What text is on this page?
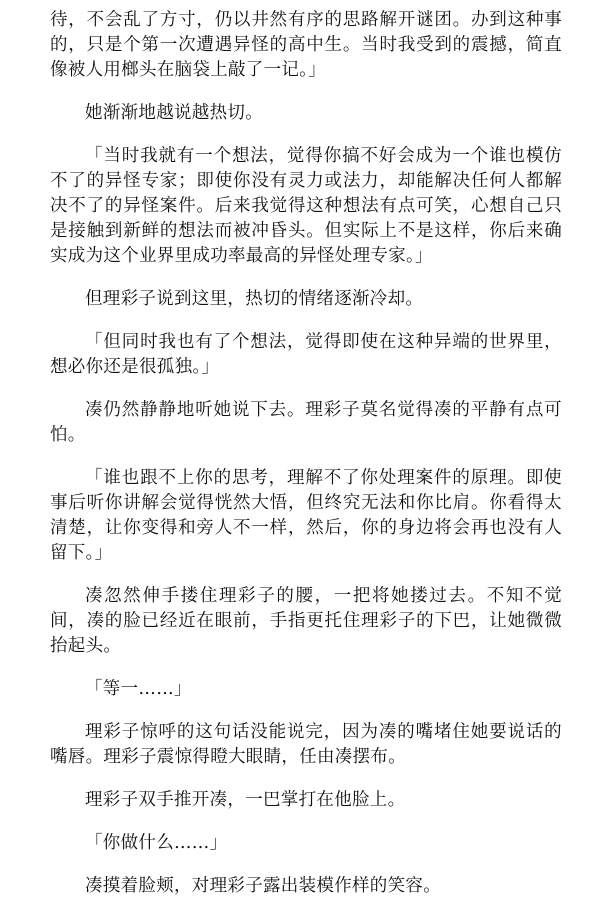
待，不会乱了方寸，仍以井然有序的思路解开谜团。办到这种事的，只是个第一次遭遇异怪的高中生。当时我受到的震撼，简直像被人用榔头在脑袋上敲了一记。」

她渐渐地越说越热切。

「当时我就有一个想法，觉得你搞不好会成为一个谁也模仿不了的异怪专家；即使你没有灵力或法力，却能解决任何人都解决不了的异怪案件。后来我觉得这种想法有点可笑，心想自己只是接触到新鲜的想法而被冲昏头。但实际上不是这样，你后来确实成为这个业界里成功率最高的异怪处理专家。」

但理彩子说到这里，热切的情绪逐渐冷却。

「但同时我也有了个想法，觉得即使在这种异端的世界里，想必你还是很孤独。」

凑仍然静静地听她说下去。理彩子莫名觉得凑的平静有点可怕。

「谁也跟不上你的思考，理解不了你处理案件的原理。即使事后听你讲解会觉得恍然大悟，但终究无法和你比肩。你看得太清楚，让你变得和旁人不一样，然后，你的身边将会再也没有人留下。」

凑忽然伸手搂住理彩子的腰，一把将她搂过去。不知不觉间，凑的脸已经近在眼前，手指更托住理彩子的下巴，让她微微抬起头。

「等一……」

理彩子惊呼的这句话没能说完，因为凑的嘴堵住她要说话的嘴唇。理彩子震惊得瞪大眼睛，任由凑摆布。

理彩子双手推开凑，一巴掌打在他脸上。

「你做什么……」

凑摸着脸颊，对理彩子露出装模作样的笑容。
